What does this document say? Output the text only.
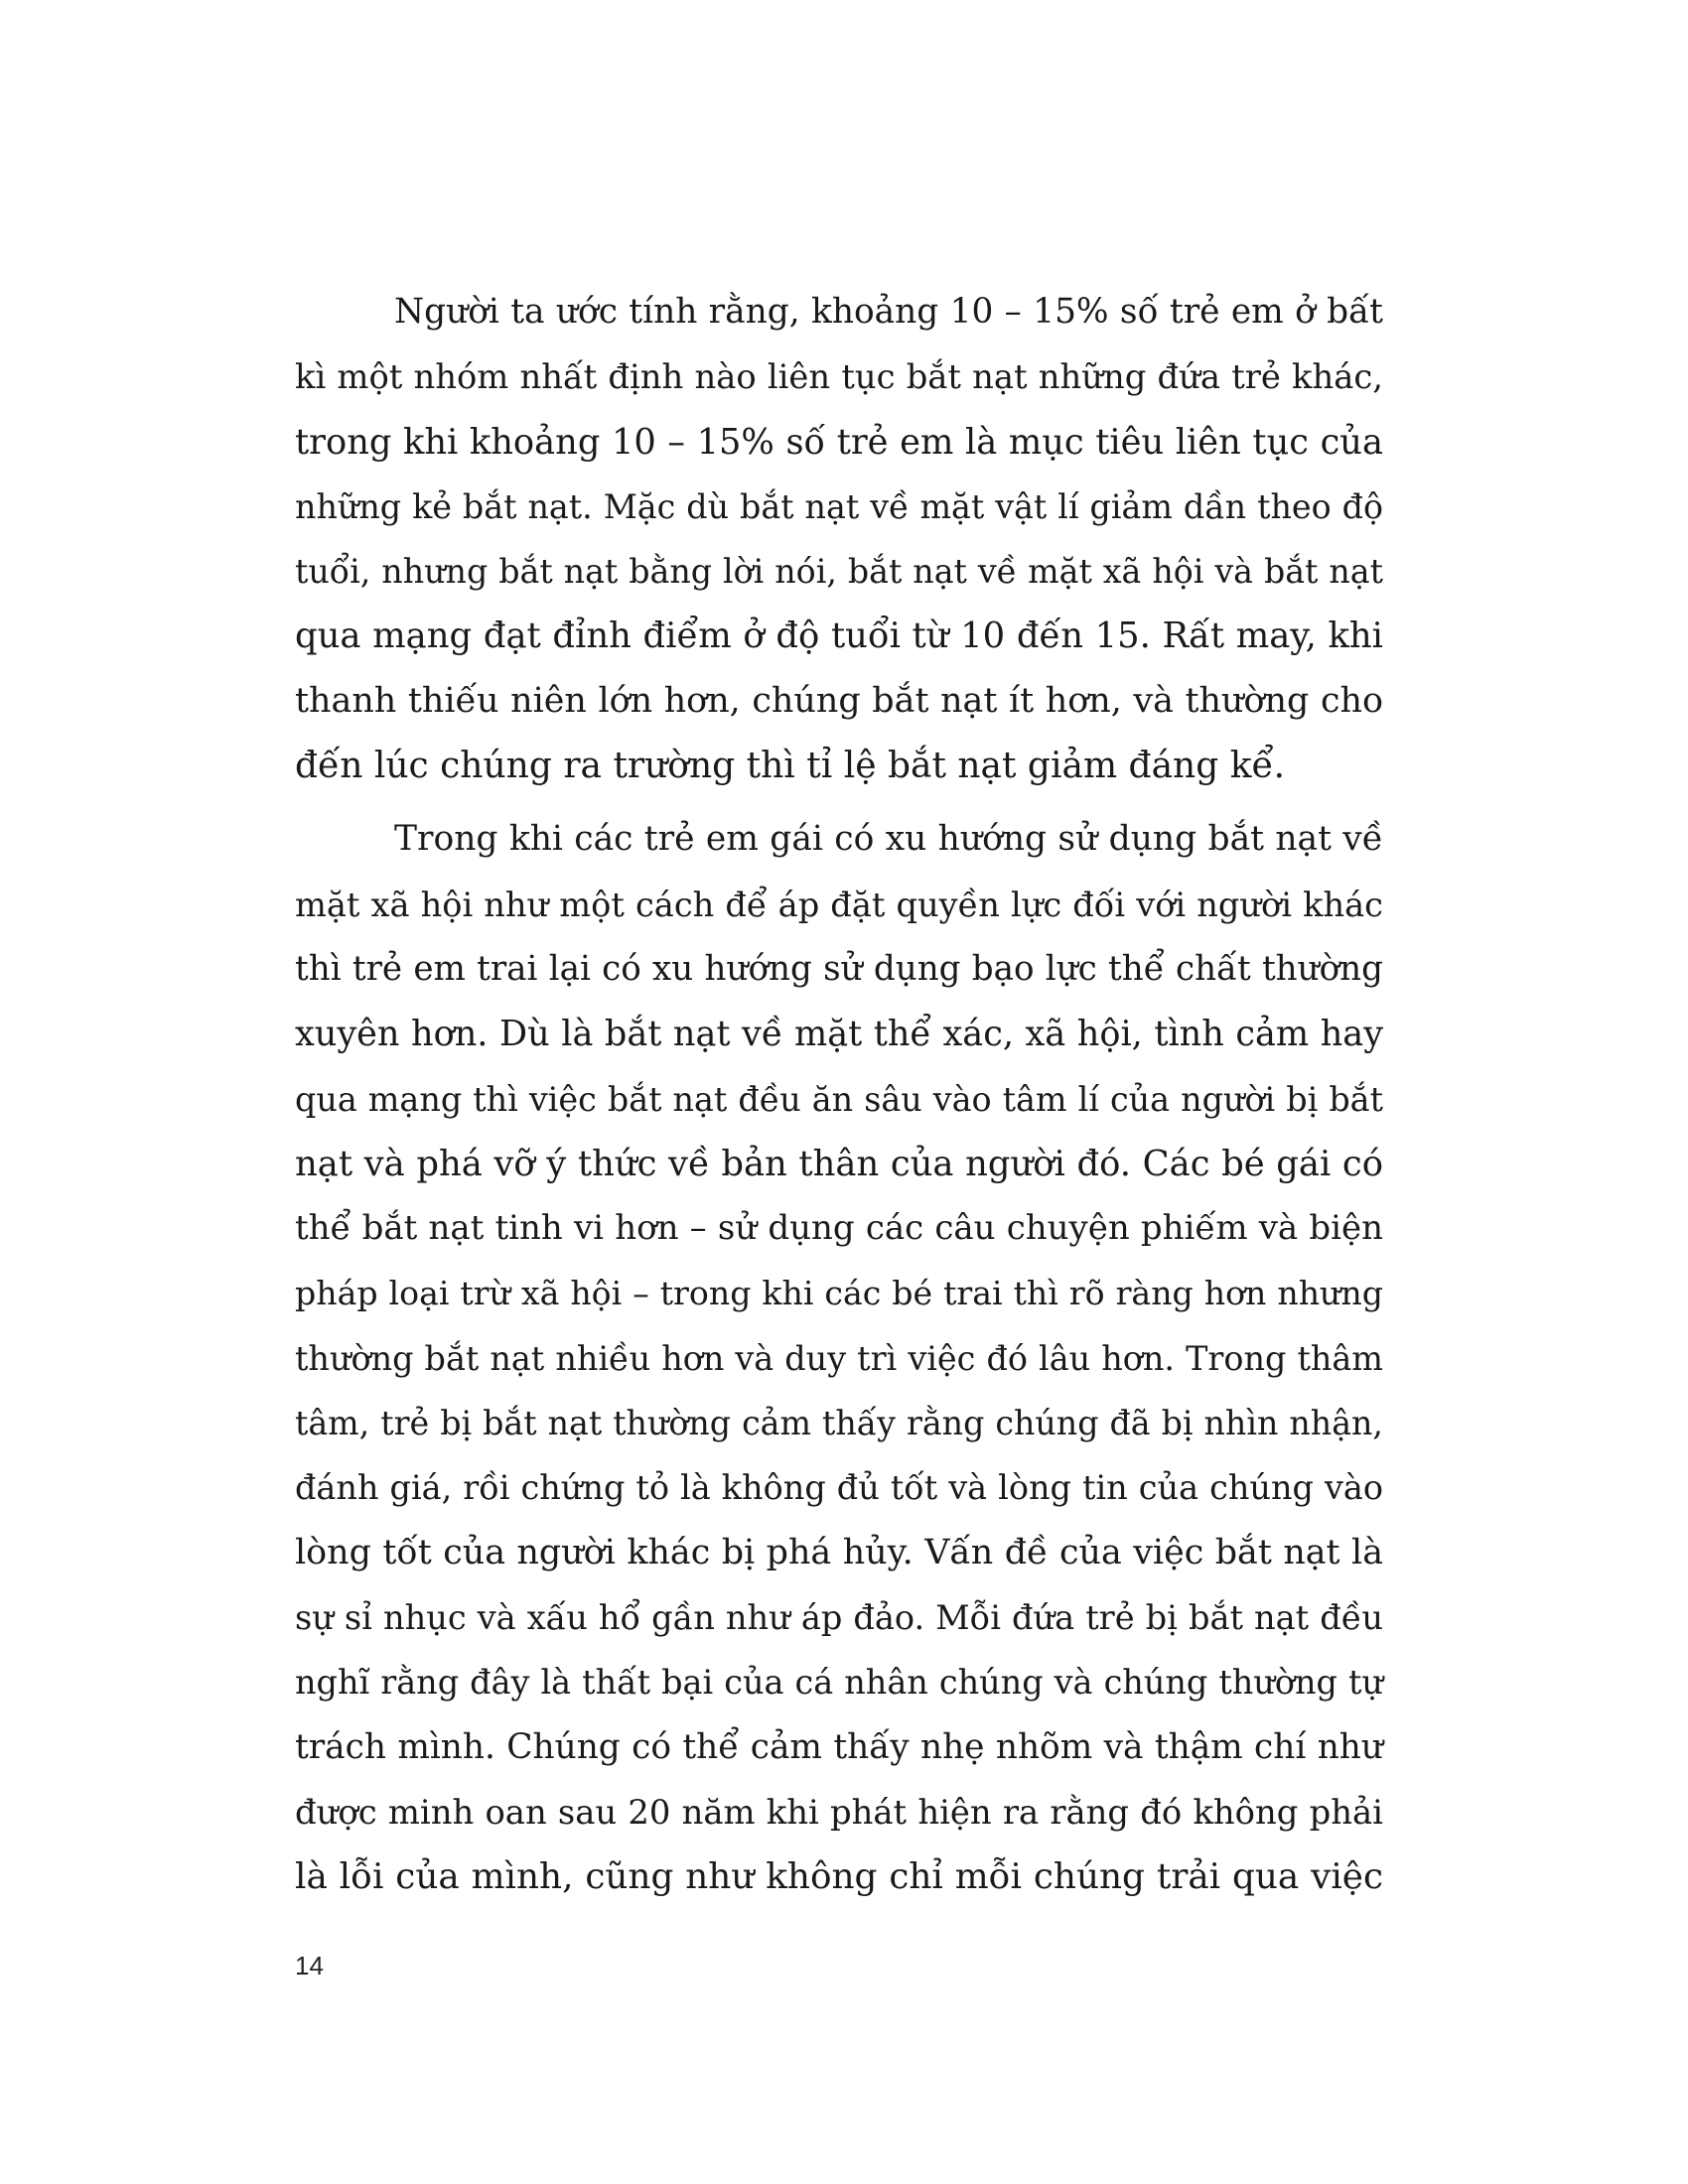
Người ta ước tính rằng, khoảng 10 – 15% số trẻ em ở bất
kì một nhóm nhất định nào liên tục bắt nạt những đứa trẻ khác,
trong khi khoảng 10 – 15% số trẻ em là mục tiêu liên tục của
những kẻ bắt nạt. Mặc dù bắt nạt về mặt vật lí giảm dần theo độ
tuổi, nhưng bắt nạt bằng lời nói, bắt nạt về mặt xã hội và bắt nạt
qua mạng đạt đỉnh điểm ở độ tuổi từ 10 đến 15. Rất may, khi
thanh thiếu niên lớn hơn, chúng bắt nạt ít hơn, và thường cho
đến lúc chúng ra trường thì tỉ lệ bắt nạt giảm đáng kể.

Trong khi các trẻ em gái có xu hướng sử dụng bắt nạt về
mặt xã hội như một cách để áp đặt quyền lực đối với người khác
thì trẻ em trai lại có xu hướng sử dụng bạo lực thể chất thường
xuyên hơn. Dù là bắt nạt về mặt thể xác, xã hội, tình cảm hay
qua mạng thì việc bắt nạt đều ăn sâu vào tâm lí của người bị bắt
nạt và phá vỡ ý thức về bản thân của người đó. Các bé gái có
thể bắt nạt tinh vi hơn – sử dụng các câu chuyện phiếm và biện
pháp loại trừ xã hội – trong khi các bé trai thì rõ ràng hơn nhưng
thường bắt nạt nhiều hơn và duy trì việc đó lâu hơn. Trong thâm
tâm, trẻ bị bắt nạt thường cảm thấy rằng chúng đã bị nhìn nhận,
đánh giá, rồi chứng tỏ là không đủ tốt và lòng tin của chúng vào
lòng tốt của người khác bị phá hủy. Vấn đề của việc bắt nạt là
sự sỉ nhục và xấu hổ gần như áp đảo. Mỗi đứa trẻ bị bắt nạt đều
nghĩ rằng đây là thất bại của cá nhân chúng và chúng thường tự
trách mình. Chúng có thể cảm thấy nhẹ nhõm và thậm chí như
được minh oan sau 20 năm khi phát hiện ra rằng đó không phải
là lỗi của mình, cũng như không chỉ mỗi chúng trải qua việc

14
